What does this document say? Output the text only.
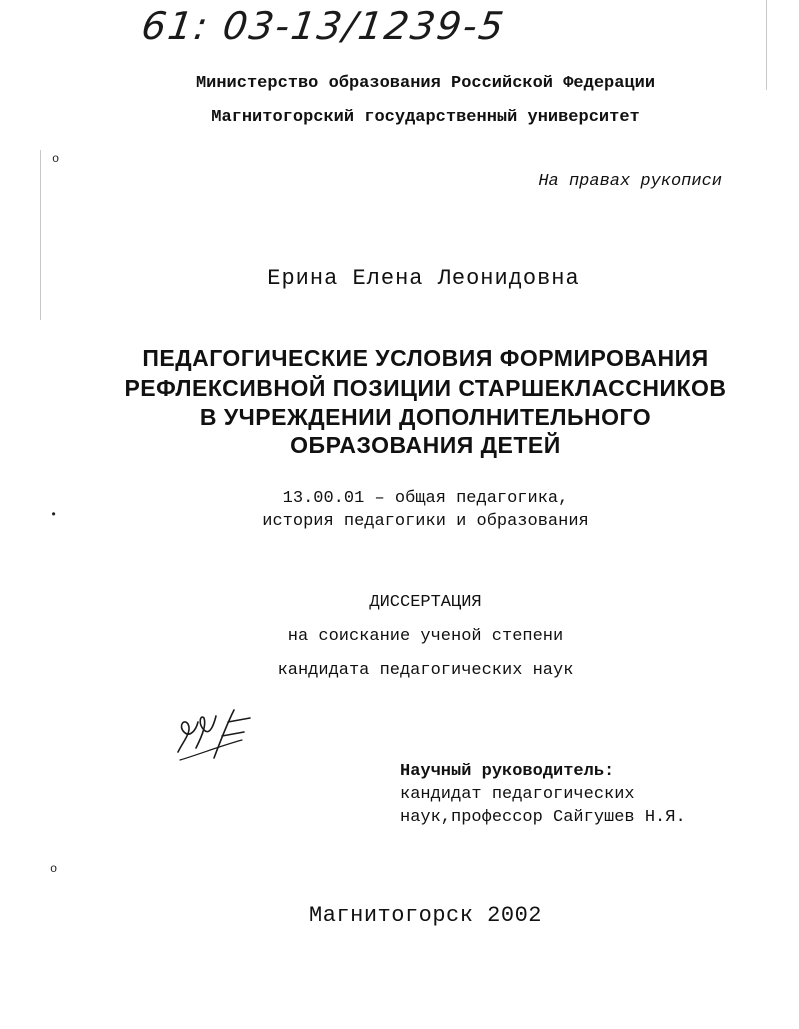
o
•
o
61: 03-13/1239-5
Министерство образования Российской Федерации
Магнитогорский государственный университет
На правах рукописи
Ерина Елена Леонидовна
ПЕДАГОГИЧЕСКИЕ УСЛОВИЯ ФОРМИРОВАНИЯ
РЕФЛЕКСИВНОЙ ПОЗИЦИИ СТАРШЕКЛАССНИКОВ
В УЧРЕЖДЕНИИ ДОПОЛНИТЕЛЬНОГО
ОБРАЗОВАНИЯ ДЕТЕЙ
13.00.01 – общая педагогика,
история педагогики и образования
ДИССЕРТАЦИЯ
на соискание ученой степени
кандидата педагогических наук
Научный руководитель:
кандидат педагогических
наук,профессор Сайгушев Н.Я.
Магнитогорск 2002
